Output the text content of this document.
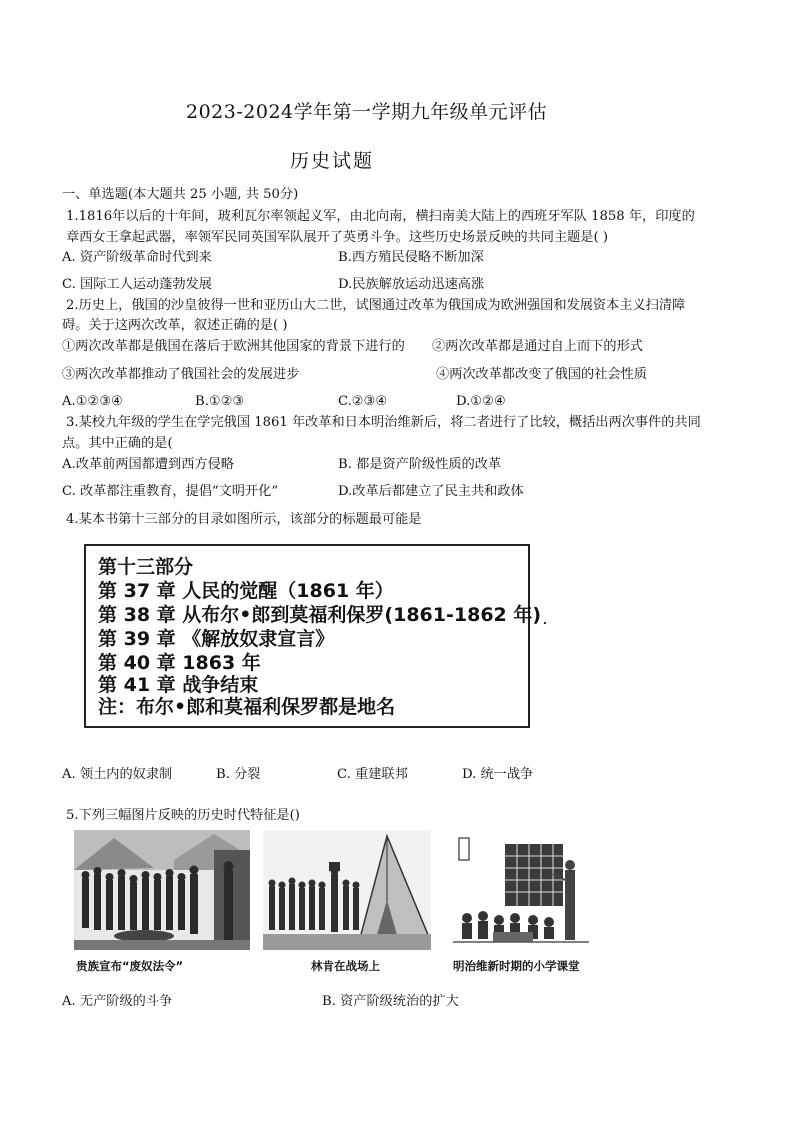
2023-2024学年第一学期九年级单元评估
历史试题
一、单选题(本大题共 25 小题, 共 50分)
1.1816年以后的十年间，玻利瓦尔率领起义军，由北向南，横扫南美大陆上的西班牙军队 1858 年，印度的
章西女王拿起武器，率领军民同英国军队展开了英勇斗争。这些历史场景反映的共同主题是( )
A. 资产阶级革命时代到来	B.西方殖民侵略不断加深
C. 国际工人运动蓬勃发展	D.民族解放运动迅速高涨
2.历史上，俄国的沙皇彼得一世和亚历山大二世，试图通过改革为俄国成为欧洲强国和发展资本主义扫清障
碍。关于这两次改革，叙述正确的是( )
①两次改革都是俄国在落后于欧洲其他国家的背景下进行的 ②两次改革都是通过自上而下的形式
③两次改革都推动了俄国社会的发展进步	④两次改革都改变了俄国的社会性质
A.①②③④	B.①②③	C.②③④	D.①②④
3.某校九年级的学生在学完俄国 1861 年改革和日本明治维新后，将二者进行了比较，概括出两次事件的共同
点。其中正确的是(
A.改革前两国都遭到西方侵略	B. 都是资产阶级性质的改革
C. 改革都注重教育，提倡“文明开化”	D.改革后都建立了民主共和政体
4.某本书第十三部分的目录如图所示，该部分的标题最可能是
第十三部分
第 37 章 人民的觉醒（1861 年）
第 38 章 从布尔•郎到莫福利保罗(1861-1862 年)
第 39 章 《解放奴隶宣言》
第 40 章 1863 年
第 41 章 战争结束
注：布尔•郎和莫福利保罗都是地名
A. 领土内的奴隶制	B. 分裂	C. 重建联邦	D. 统一战争
5.下列三幅图片反映的历史时代特征是()
贵族宣布“废奴法令”	林肯在战场上	明治维新时期的小学课堂
A. 无产阶级的斗争	B. 资产阶级统治的扩大
